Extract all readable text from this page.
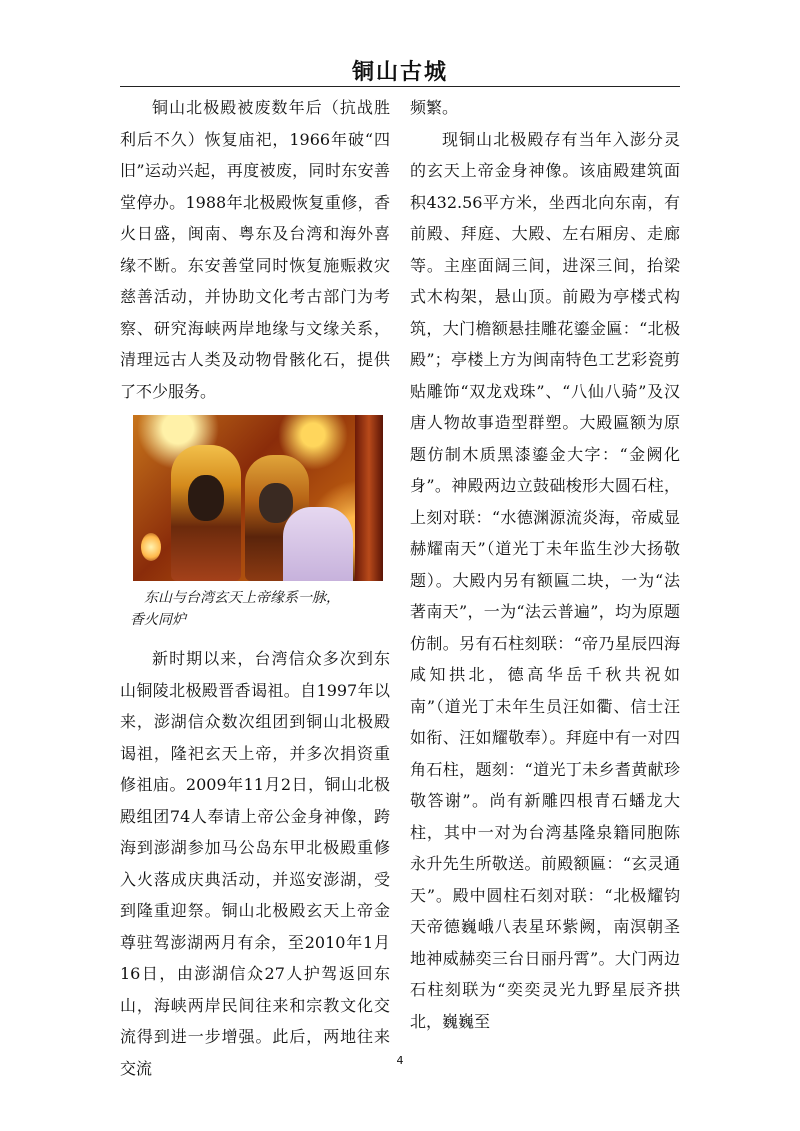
铜山古城

铜山北极殿被废数年后（抗战胜利后不久）恢复庙祀，1966年破“四旧”运动兴起，再度被废，同时东安善堂停办。1988年北极殿恢复重修，香火日盛，闽南、粤东及台湾和海外喜缘不断。东安善堂同时恢复施赈救灾慈善活动，并协助文化考古部门为考察、研究海峡两岸地缘与文缘关系，清理远古人类及动物骨骸化石，提供了不少服务。

东山与台湾玄天上帝缘系一脉，
香火同炉

新时期以来，台湾信众多次到东山铜陵北极殿晋香谒祖。自1997年以来，澎湖信众数次组团到铜山北极殿谒祖，隆祀玄天上帝，并多次捐资重修祖庙。2009年11月2日，铜山北极殿组团74人奉请上帝公金身神像，跨海到澎湖参加马公岛东甲北极殿重修入火落成庆典活动，并巡安澎湖，受到隆重迎祭。铜山北极殿玄天上帝金尊驻驾澎湖两月有余，至2010年1月16日，由澎湖信众27人护驾返回东山，海峡两岸民间往来和宗教文化交流得到进一步增强。此后，两地往来交流

频繁。

现铜山北极殿存有当年入澎分灵的玄天上帝金身神像。该庙殿建筑面积432.56平方米，坐西北向东南，有前殿、拜庭、大殿、左右厢房、走廊等。主座面阔三间，进深三间，抬梁式木构架，悬山顶。前殿为亭楼式构筑，大门檐额悬挂雕花鎏金匾：“北极殿”；亭楼上方为闽南特色工艺彩瓷剪贴雕饰“双龙戏珠”、“八仙八骑”及汉唐人物故事造型群塑。大殿匾额为原题仿制木质黑漆鎏金大字：“金阙化身”。神殿两边立鼓础梭形大圆石柱，上刻对联：“水德渊源流炎海，帝威显赫耀南天”（道光丁未年监生沙大扬敬题）。大殿内另有额匾二块，一为“法著南天”，一为“法云普遍”，均为原题仿制。另有石柱刻联：“帝乃星辰四海咸知拱北，德高华岳千秋共祝如南”（道光丁未年生员汪如衢、信士汪如衔、汪如耀敬奉）。拜庭中有一对四角石柱，题刻：“道光丁未乡耆黄献珍敬答谢”。尚有新雕四根青石蟠龙大柱，其中一对为台湾基隆泉籍同胞陈永升先生所敬送。前殿额匾：“玄灵通天”。殿中圆柱石刻对联：“北极耀钧天帝德巍峨八表星环紫阙，南溟朝圣地神威赫奕三台日丽丹霄”。大门两边石柱刻联为“奕奕灵光九野星辰齐拱北，巍巍至

4
